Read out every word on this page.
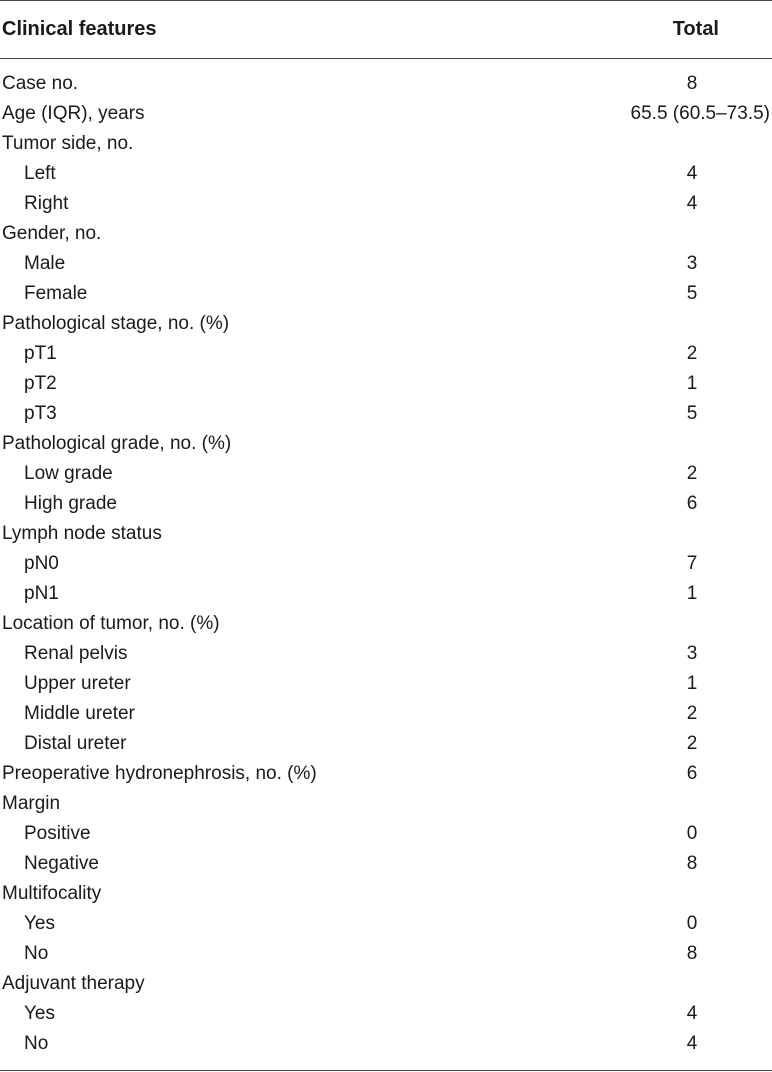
Clinical features	Total
Case no.	8
Age (IQR), years	65.5 (60.5–73.5)
Tumor side, no.
Left	4
Right	4
Gender, no.
Male	3
Female	5
Pathological stage, no. (%)
pT1	2
pT2	1
pT3	5
Pathological grade, no. (%)
Low grade	2
High grade	6
Lymph node status
pN0	7
pN1	1
Location of tumor, no. (%)
Renal pelvis	3
Upper ureter	1
Middle ureter	2
Distal ureter	2
Preoperative hydronephrosis, no. (%)	6
Margin
Positive	0
Negative	8
Multifocality
Yes	0
No	8
Adjuvant therapy
Yes	4
No	4
